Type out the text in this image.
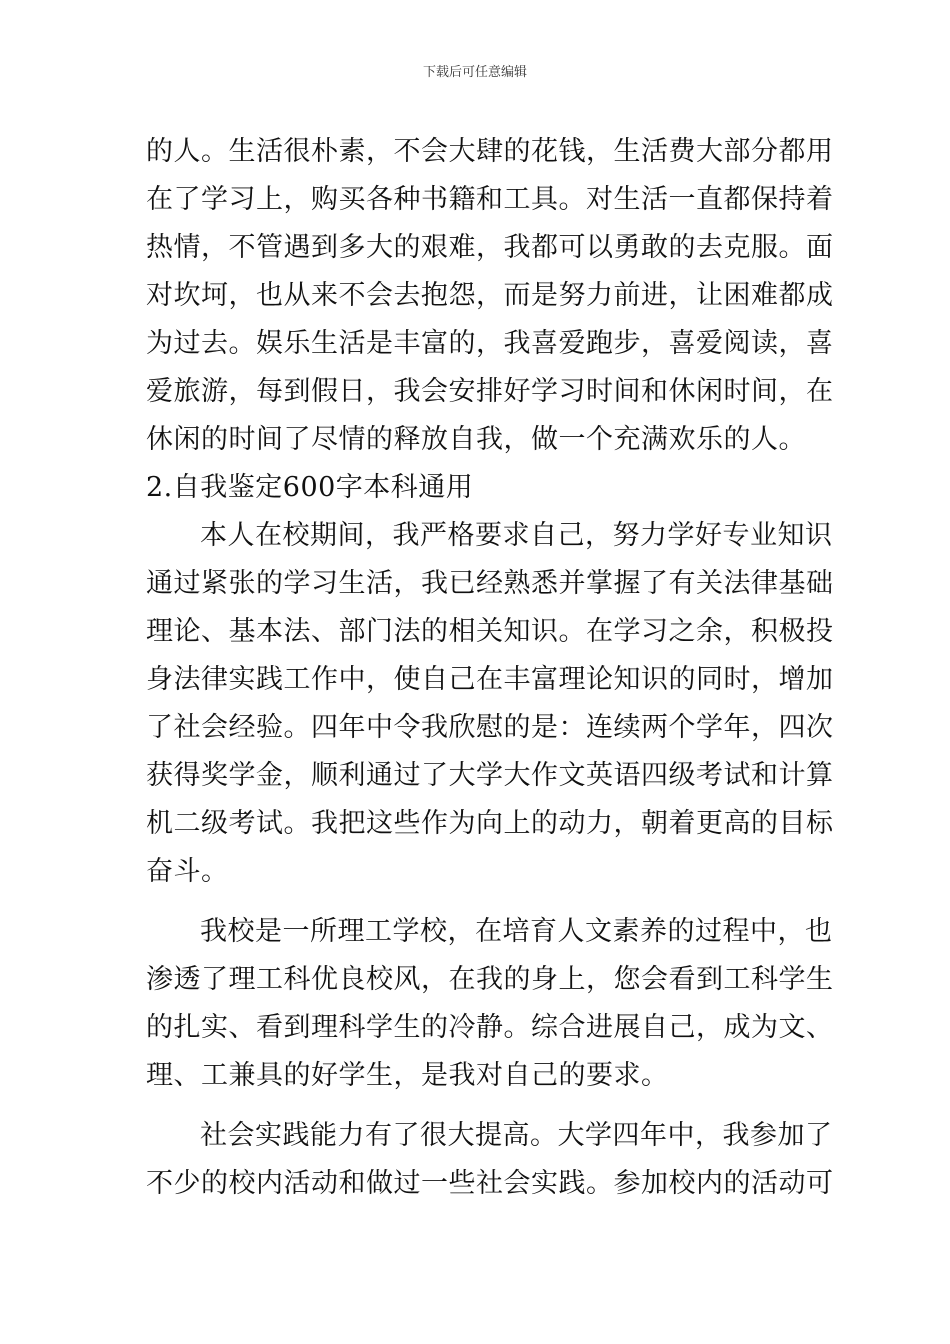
下载后可任意编辑
的人。生活很朴素，不会大肆的花钱，生活费大部分都用
在了学习上，购买各种书籍和工具。对生活一直都保持着
热情，不管遇到多大的艰难，我都可以勇敢的去克服。面
对坎坷，也从来不会去抱怨，而是努力前进，让困难都成
为过去。娱乐生活是丰富的，我喜爱跑步，喜爱阅读，喜
爱旅游，每到假日，我会安排好学习时间和休闲时间，在
休闲的时间了尽情的释放自我，做一个充满欢乐的人。
2.自我鉴定600字本科通用
本人在校期间，我严格要求自己，努力学好专业知识
通过紧张的学习生活，我已经熟悉并掌握了有关法律基础
理论、基本法、部门法的相关知识。在学习之余，积极投
身法律实践工作中，使自己在丰富理论知识的同时，增加
了社会经验。四年中令我欣慰的是：连续两个学年，四次
获得奖学金，顺利通过了大学大作文英语四级考试和计算
机二级考试。我把这些作为向上的动力，朝着更高的目标
奋斗。
我校是一所理工学校，在培育人文素养的过程中，也
渗透了理工科优良校风，在我的身上，您会看到工科学生
的扎实、看到理科学生的冷静。综合进展自己，成为文、
理、工兼具的好学生，是我对自己的要求。
社会实践能力有了很大提高。大学四年中，我参加了
不少的校内活动和做过一些社会实践。参加校内的活动可
